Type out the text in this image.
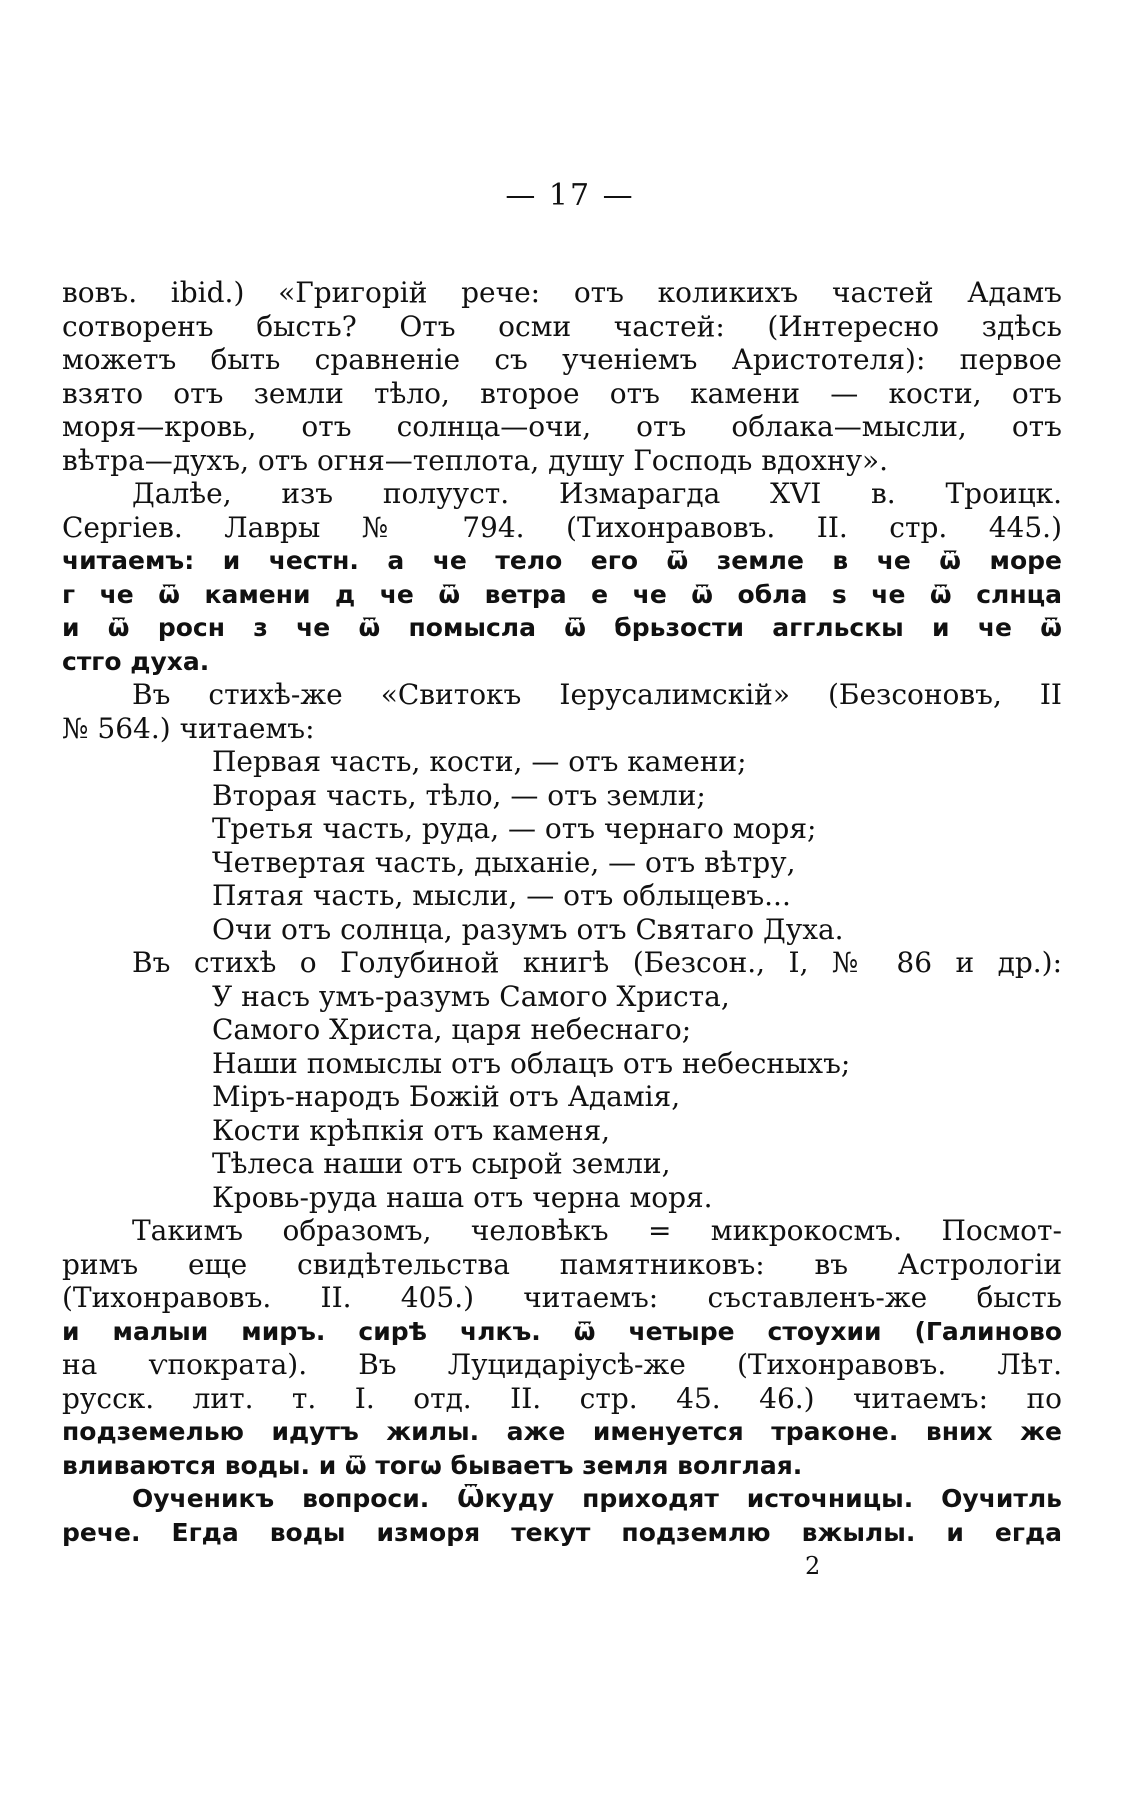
— 17 —
вовъ. ibid.) «Григорій рече: отъ коликихъ частей Адамъ
сотворенъ бысть? Отъ осми частей: (Интересно здѣсь
можетъ быть сравненіе съ ученіемъ Аристотеля): первое
взято отъ земли тѣло, второе отъ камени — кости, отъ
моря—кровь, отъ солнца—очи, отъ облака—мысли, отъ
вѣтра—духъ, отъ огня—теплота, душу Господь вдохну».
Далѣе, изъ полууст. Измарагда XVI в. Троицк.
Сергiев. Лавры № 794. (Тихонравовъ. II. стр. 445.)
читаемъ: и честн. а че тело его ѿ земле в че ѿ море
г че ѿ камени д че ѿ ветра е че ѿ обла ѕ че ѿ слнца
и ѿ росн з че ѿ помысла ѿ брьзости аггльскы и че ѿ
стго духа.
Въ стихѣ-же «Свитокъ Iерусалимскій» (Безсоновъ, II
№ 564.) читаемъ:
Первая часть, кости, — отъ камени;
Вторая часть, тѣло, — отъ земли;
Третья часть, руда, — отъ чернаго моря;
Четвертая часть, дыханіе, — отъ вѣтру,
Пятая часть, мысли, — отъ облыцевъ...
Очи отъ солнца, разумъ отъ Святаго Духа.
Въ стихѣ о Голубиной книгѣ (Безсон., I, № 86 и др.):
У насъ умъ-разумъ Самого Христа,
Самого Христа, царя небеснаго;
Наши помыслы отъ облацъ отъ небесныхъ;
Міръ-народъ Божій отъ Адамія,
Кости крѣпкія отъ каменя,
Тѣлеса наши отъ сырой земли,
Кровь-руда наша отъ черна моря.
Такимъ образомъ, человѣкъ = микрокосмъ. Посмот-
римъ еще свидѣтельства памятниковъ: въ Астрологіи
(Тихонравовъ. II. 405.) читаемъ: съставленъ-же бысть
и малыи миръ. сирѣ члкъ. ѿ четыре стоухии (Галиново
на ѵпократа). Въ Луцидаріусѣ-же (Тихонравовъ. Лѣт.
русск. лит. т. I. отд. II. стр. 45. 46.) читаемъ: по
подземелью идутъ жилы. аже именуется траконе. вних же
вливаются воды. и ѿ тогѡ бываетъ земля волглая.
Оученикъ вопроси. Ѿкуду приходят источницы. Оучитль
рече. Егда воды изморя текут подземлю вжылы. и егда
2
